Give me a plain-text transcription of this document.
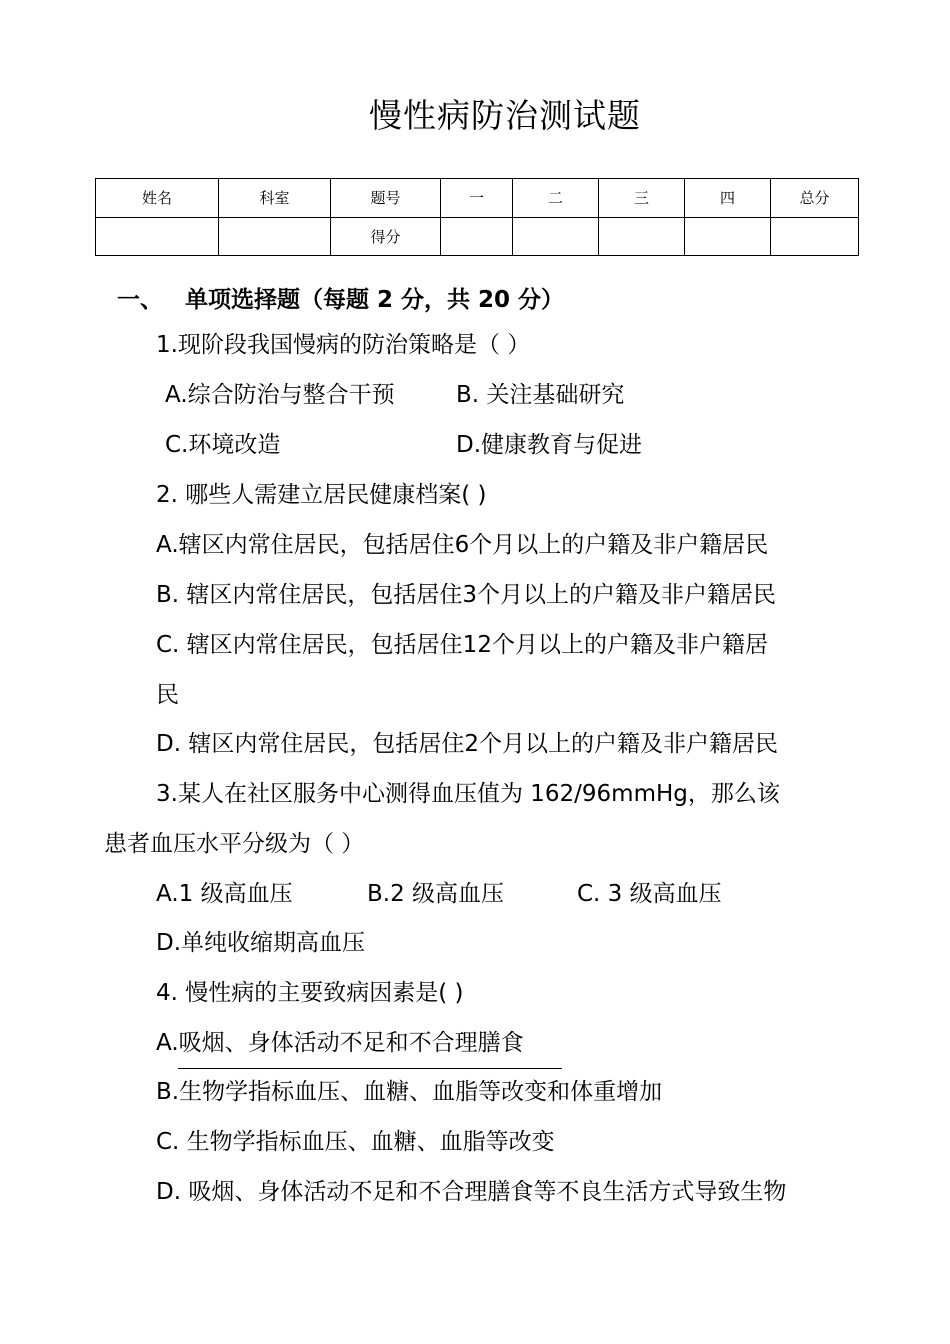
慢性病防治测试题
姓名	科室	题号	一	二	三	四	总分
		得分					
一、 单项选择题（每题 2 分，共 20 分）
1.现阶段我国慢病的防治策略是（ ）
A.综合防治与整合干预	B. 关注基础研究
C.环境改造	D.健康教育与促进
2. 哪些人需建立居民健康档案( )
A.辖区内常住居民，包括居住6个月以上的户籍及非户籍居民
B. 辖区内常住居民，包括居住3个月以上的户籍及非户籍居民
C. 辖区内常住居民，包括居住12个月以上的户籍及非户籍居
民
D. 辖区内常住居民，包括居住2个月以上的户籍及非户籍居民
3.某人在社区服务中心测得血压值为 162/96mmHg，那么该
患者血压水平分级为（ ）
A.1 级高血压	B.2 级高血压	C. 3 级高血压
D.单纯收缩期高血压
4. 慢性病的主要致病因素是( )
A.吸烟、身体活动不足和不合理膳食
B.生物学指标血压、血糖、血脂等改变和体重增加
C. 生物学指标血压、血糖、血脂等改变
D. 吸烟、身体活动不足和不合理膳食等不良生活方式导致生物
